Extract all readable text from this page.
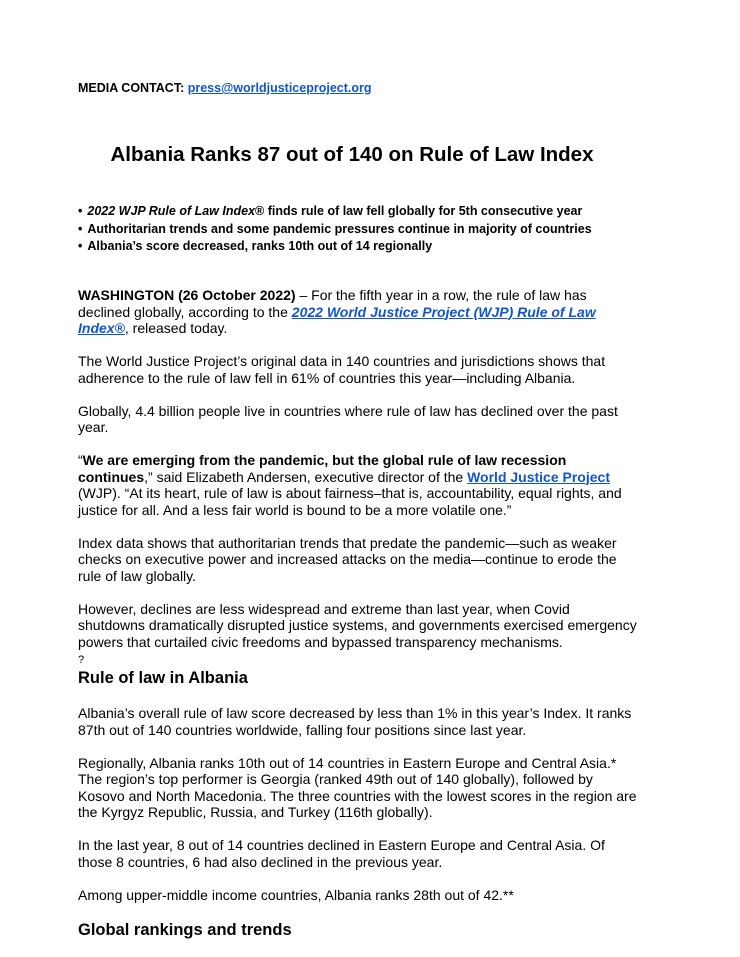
MEDIA CONTACT: press@worldjusticeproject.org
Albania Ranks 87 out of 140 on Rule of Law Index
• 2022 WJP Rule of Law Index® finds rule of law fell globally for 5th consecutive year
• Authoritarian trends and some pandemic pressures continue in majority of countries
• Albania’s score decreased, ranks 10th out of 14 regionally

WASHINGTON (26 October 2022) – For the fifth year in a row, the rule of law has declined globally, according to the 2022 World Justice Project (WJP) Rule of Law Index®, released today.

The World Justice Project’s original data in 140 countries and jurisdictions shows that adherence to the rule of law fell in 61% of countries this year—including Albania.

Globally, 4.4 billion people live in countries where rule of law has declined over the past year.

“We are emerging from the pandemic, but the global rule of law recession continues,” said Elizabeth Andersen, executive director of the World Justice Project (WJP). “At its heart, rule of law is about fairness–that is, accountability, equal rights, and justice for all. And a less fair world is bound to be a more volatile one.”

Index data shows that authoritarian trends that predate the pandemic—such as weaker checks on executive power and increased attacks on the media—continue to erode the rule of law globally.

However, declines are less widespread and extreme than last year, when Covid shutdowns dramatically disrupted justice systems, and governments exercised emergency powers that curtailed civic freedoms and bypassed transparency mechanisms.
?

Rule of law in Albania

Albania’s overall rule of law score decreased by less than 1% in this year’s Index. It ranks 87th out of 140 countries worldwide, falling four positions since last year.

Regionally, Albania ranks 10th out of 14 countries in Eastern Europe and Central Asia.* The region’s top performer is Georgia (ranked 49th out of 140 globally), followed by Kosovo and North Macedonia. The three countries with the lowest scores in the region are the Kyrgyz Republic, Russia, and Turkey (116th globally).

In the last year, 8 out of 14 countries declined in Eastern Europe and Central Asia. Of those 8 countries, 6 had also declined in the previous year.

Among upper-middle income countries, Albania ranks 28th out of 42.**

Global rankings and trends
